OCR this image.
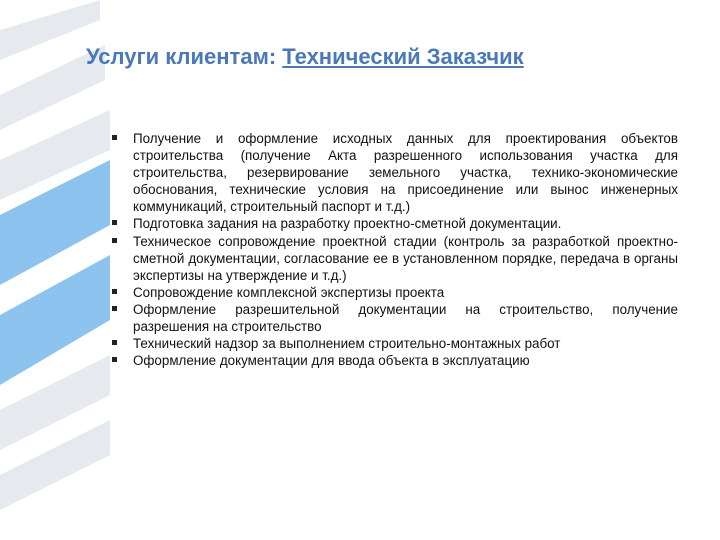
Услуги клиентам: Технический Заказчик
Получение и оформление исходных данных для проектирования объектов строительства (получение Акта разрешенного использования участка для строительства, резервирование земельного участка, технико-экономические обоснования, технические условия на присоединение или вынос инженерных коммуникаций, строительный паспорт и т.д.)
Подготовка задания на разработку проектно-сметной документации.
Техническое сопровождение проектной стадии (контроль за разработкой проектно-сметной документации, согласование ее в установленном порядке, передача в органы экспертизы на утверждение и т.д.)
Сопровождение комплексной экспертизы проекта
Оформление разрешительной документации на строительство, получение разрешения на строительство
Технический надзор за выполнением строительно-монтажных работ
Оформление документации для ввода объекта в эксплуатацию
